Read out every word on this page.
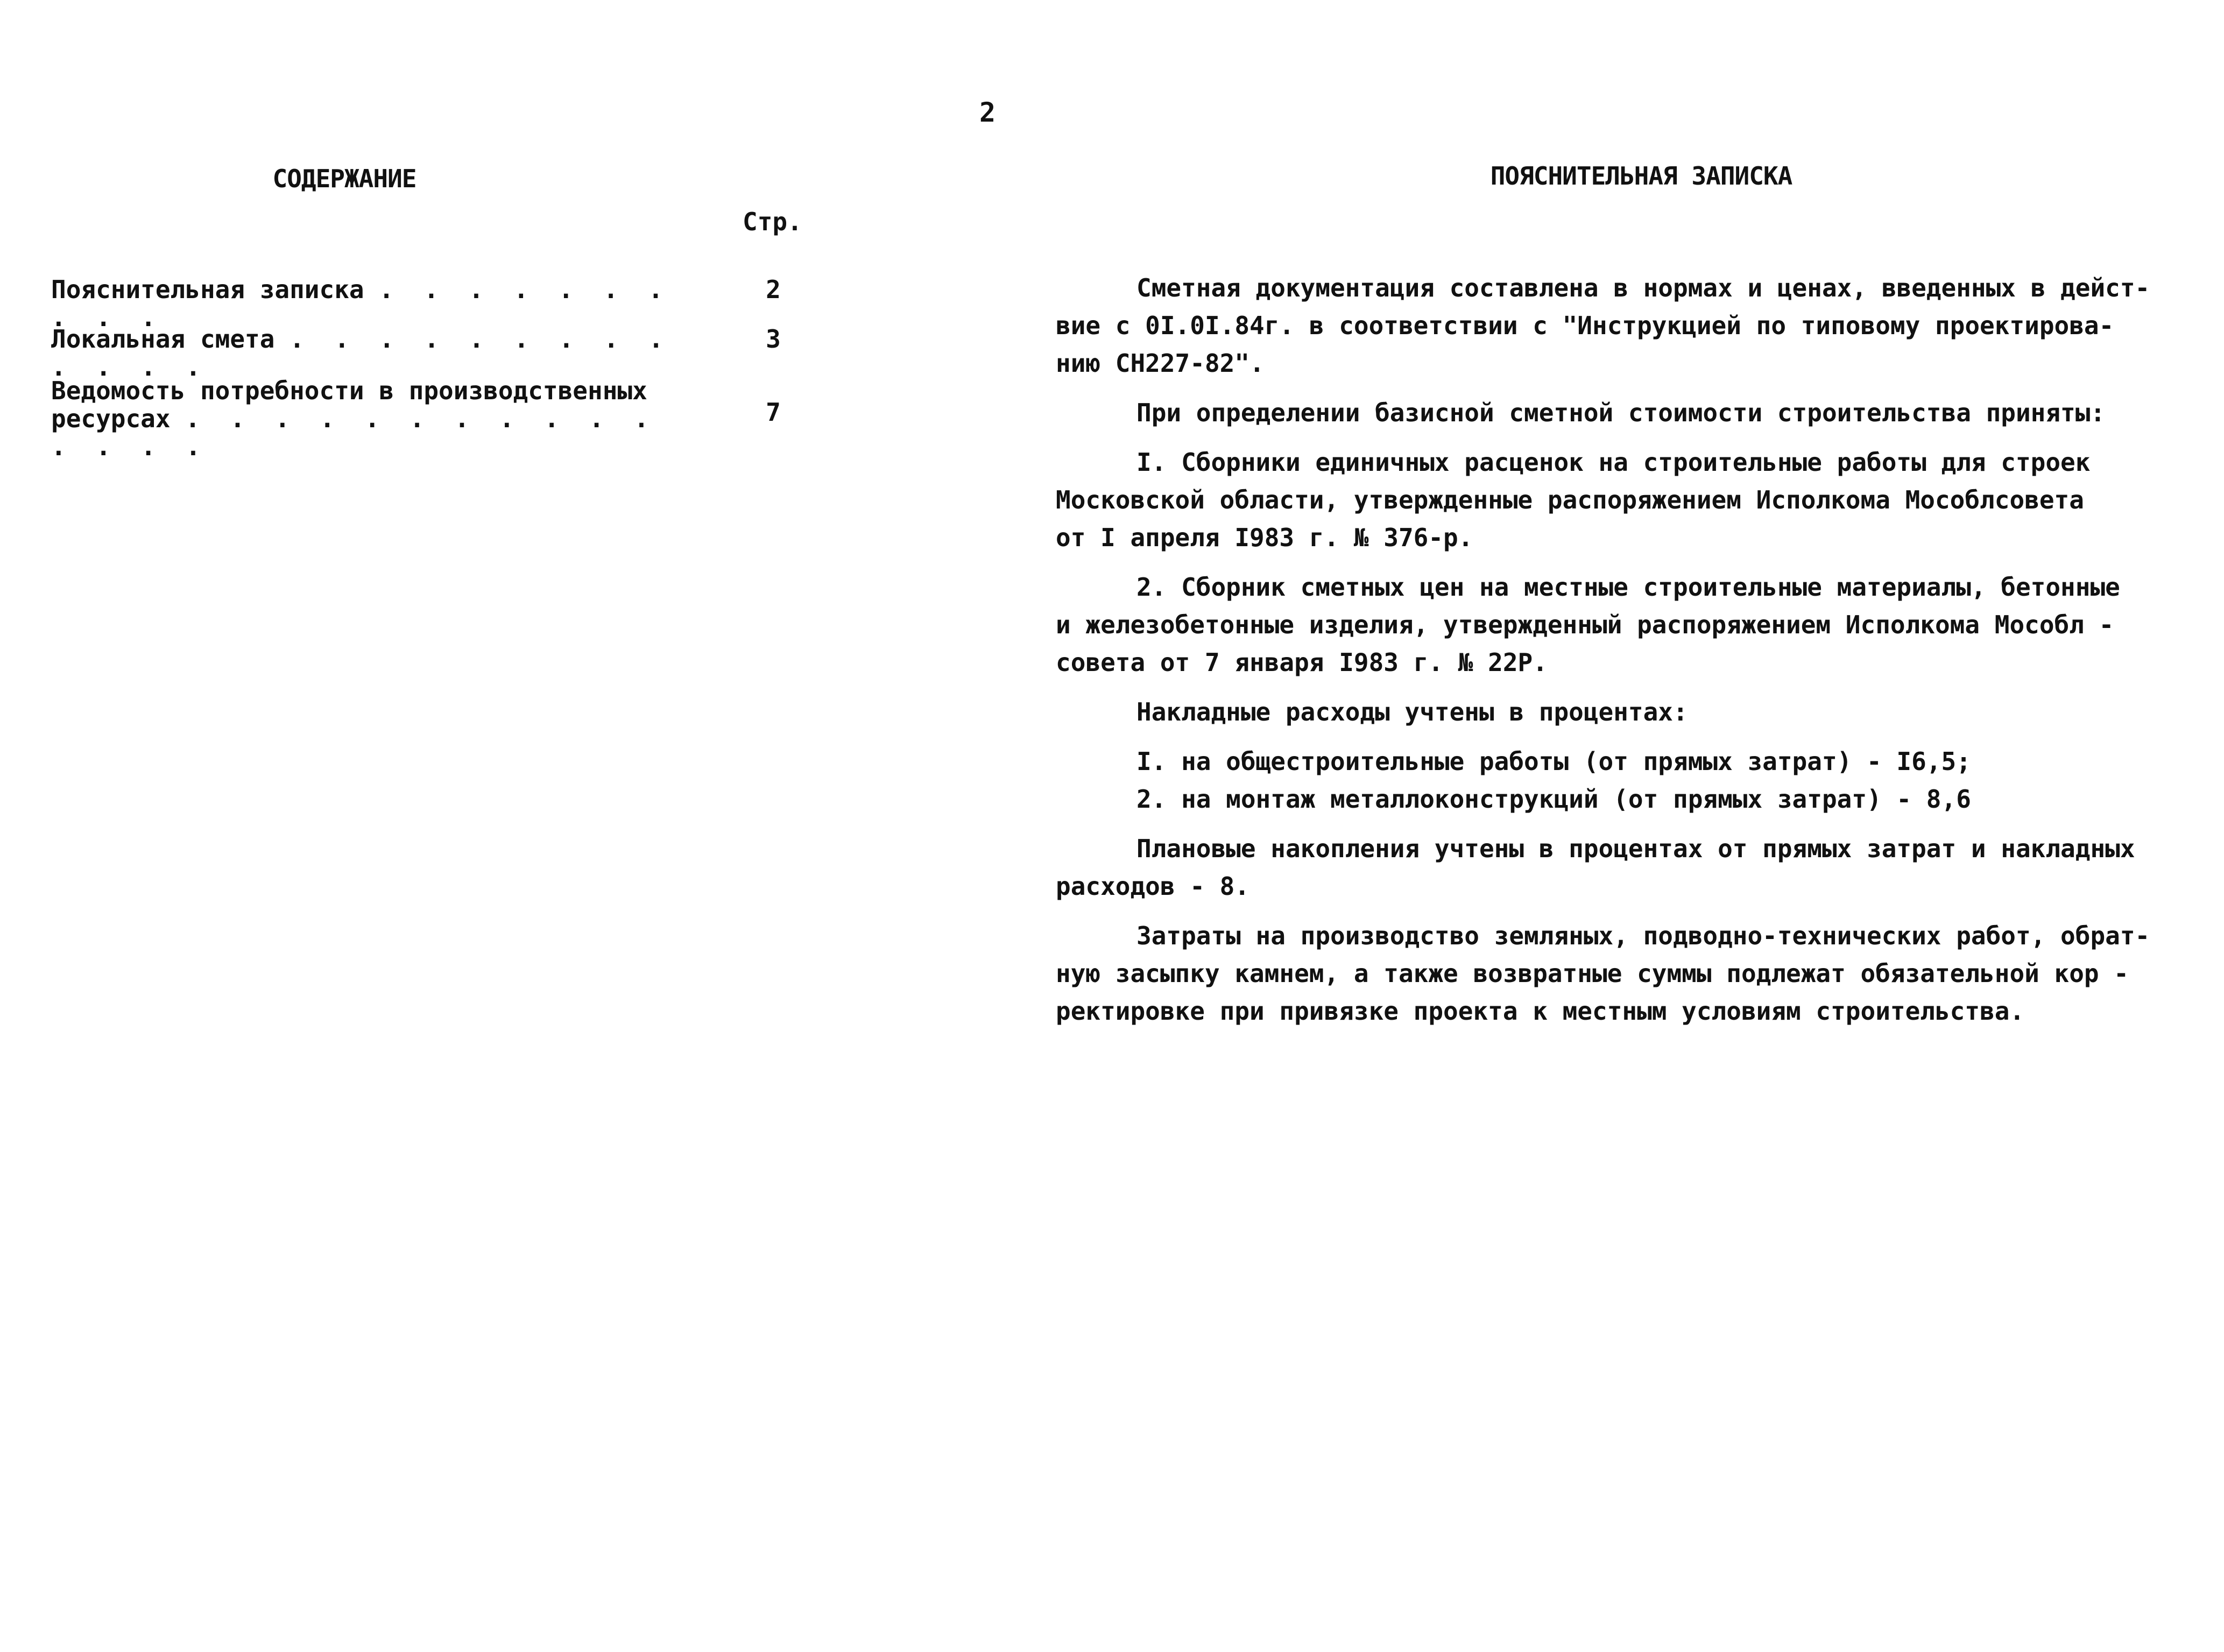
2
СОДЕРЖАНИЕ
Стр.
Пояснительная записка . . . . . . . . . .
2
Локальная смета . . . . . . . . . . . . .
3
Ведомость потребности в производственных
ресурсах . . . . . . . . . . . . . . .
7
ПОЯСНИТЕЛЬНАЯ ЗАПИСКА
Сметная документация составлена в нормах и ценах, введенных в дейст-
вие с 0I.0I.84г. в соответствии с "Инструкцией по типовому проектирова-
нию СН227-82".
При определении базисной сметной стоимости строительства приняты:
I. Сборники единичных расценок на строительные работы для строек
Московской области, утвержденные распоряжением Исполкома Мособлсовета
от I апреля I983 г. № 376-р.
2. Сборник сметных цен на местные строительные материалы, бетонные
и железобетонные изделия, утвержденный распоряжением Исполкома Мособл -
совета от 7 января I983 г. № 22Р.
Накладные расходы учтены в процентах:
I. на общестроительные работы (от прямых затрат) - I6,5;
2. на монтаж металлоконструкций (от прямых затрат) - 8,6
Плановые накопления учтены в процентах от прямых затрат и накладных
расходов - 8.
Затраты на производство земляных, подводно-технических работ, обрат-
ную засыпку камнем, а также возвратные суммы подлежат обязательной кор -
ректировке при привязке проекта к местным условиям строительства.
